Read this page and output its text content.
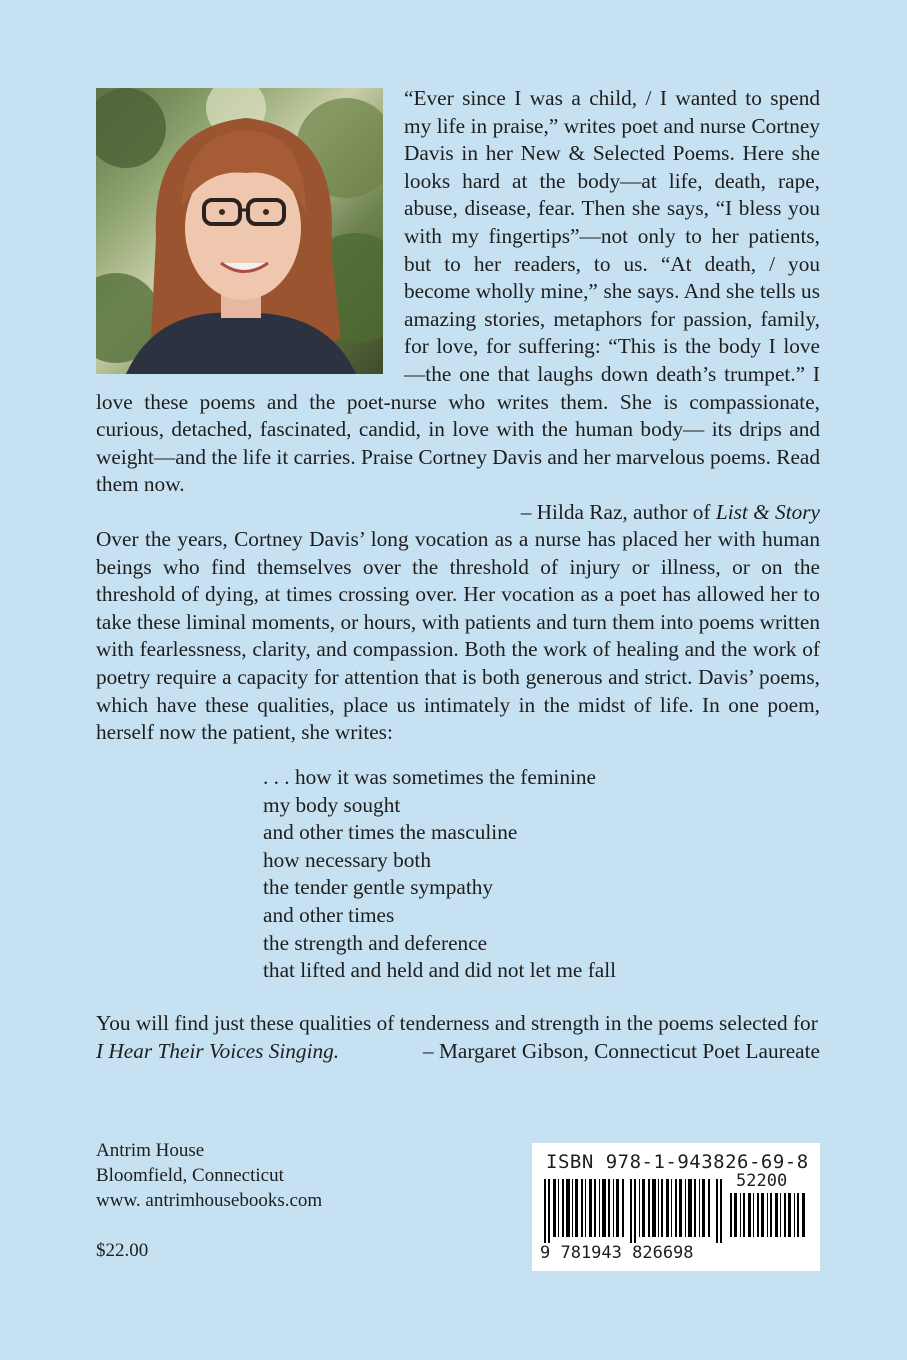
“Ever since I was a child, / I wanted to spend my life in praise,” writes poet and nurse Cortney Davis in her New & Selected Poems. Here she looks hard at the body—at life, death, rape, abuse, disease, fear. Then she says, “I bless you with my fingertips”—not only to her patients, but to her readers, to us. “At death, / you become wholly mine,” she says. And she tells us amazing stories, metaphors for passion, family, for love, for suffering: “This is the body I love—the one that laughs down death’s trumpet.” I love these poems and the poet-nurse who writes them. She is compassionate, curious, detached, fascinated, candid, in love with the human body— its drips and weight—and the life it carries. Praise Cortney Davis and her marvelous poems. Read them now.
– Hilda Raz, author of List & Story
Over the years, Cortney Davis’ long vocation as a nurse has placed her with human beings who find themselves over the threshold of injury or illness, or on the threshold of dying, at times crossing over. Her vocation as a poet has allowed her to take these liminal moments, or hours, with patients and turn them into poems written with fearlessness, clarity, and compassion. Both the work of healing and the work of poetry require a capacity for attention that is both generous and strict. Davis’ poems, which have these qualities, place us intimately in the midst of life. In one poem, herself now the patient, she writes:
. . . how it was sometimes the feminine
my body sought
and other times the masculine
how necessary both
the tender gentle sympathy
and other times
the strength and deference
that lifted and held and did not let me fall
You will find just these qualities of tenderness and strength in the poems selected for
I Hear Their Voices Singing.	– Margaret Gibson, Connecticut Poet Laureate
Antrim House
Bloomfield, Connecticut
www. antrimhousebooks.com
$22.00
ISBN 978-1-943826-69-8
52200
9 781943 826698
